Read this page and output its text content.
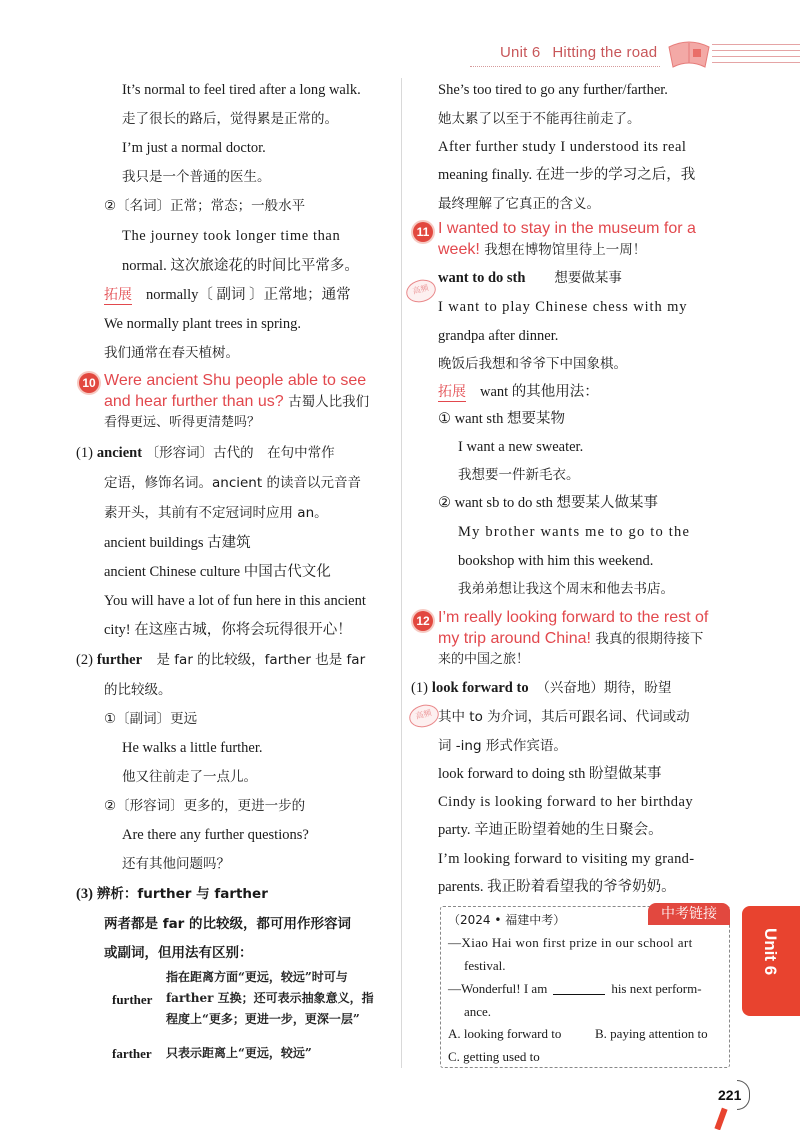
Unit 6 Hitting the road
It’s normal to feel tired after a long walk.
走了很长的路后，觉得累是正常的。
I’m just a normal doctor.
我只是一个普通的医生。
②〔名词〕正常；常态；一般水平
The journey took longer time than
normal. 这次旅途花的时间比平常多。
拓展 normally〔 副词 〕正常地；通常
We normally plant trees in spring.
我们通常在春天植树。
10 Were ancient Shu people able to see
and hear further than us? 古蜀人比我们
看得更远、听得更清楚吗？
(1) ancient 〔形容词〕古代的　在句中常作
定语，修饰名词。ancient 的读音以元音音
素开头，其前有不定冠词时应用 an。
ancient buildings 古建筑
ancient Chinese culture 中国古代文化
You will have a lot of fun here in this ancient
city! 在这座古城，你将会玩得很开心！
(2) further　 是 far 的比较级，farther 也是 far
的比较级。
①〔副词〕更远
He walks a little further.
他又往前走了一点儿。
②〔形容词〕更多的，更进一步的
Are there any further questions?
还有其他问题吗？
(3) 辨析：further 与 farther
两者都是 far 的比较级，都可用作形容词
或副词，但用法有区别：
further
指在距离方面“更远，较远”时可与
farther 互换；还可表示抽象意义，指
程度上“更多；更进一步，更深一层”
farther 只表示距离上“更远，较远”
She’s too tired to go any further/farther.
她太累了以至于不能再往前走了。
After further study I understood its real
meaning finally. 在进一步的学习之后，我
最终理解了它真正的含义。
11 I wanted to stay in the museum for a
week! 我想在博物馆里待上一周！
高频
want to do sth　　 想要做某事
I want to play Chinese chess with my
grandpa after dinner.
晚饭后我想和爷爷下中国象棋。
拓展 want 的其他用法：
① want sth 想要某物
I want a new sweater.
我想要一件新毛衣。
② want sb to do sth 想要某人做某事
My brother wants me to go to the
bookshop with him this weekend.
我弟弟想让我这个周末和他去书店。
12 I’m really looking forward to the rest of
my trip around China! 我真的很期待接下
来的中国之旅！
(1) look forward to　 （兴奋地）期待，盼望
高频 其中 to 为介词，其后可跟名词、代词或动
词 -ing 形式作宾语。
look forward to doing sth 盼望做某事
Cindy is looking forward to her birthday
party. 辛迪正盼望着她的生日聚会。
I’m looking forward to visiting my grand-
parents. 我正盼着看望我的爷爷奶奶。
中考链接
（2024 • 福建中考）
—Xiao Hai won first prize in our school art
festival.
—Wonderful! I am	his next perform-
ance.
A. looking forward to	B. paying attention to
C. getting used to
Unit 6
221
